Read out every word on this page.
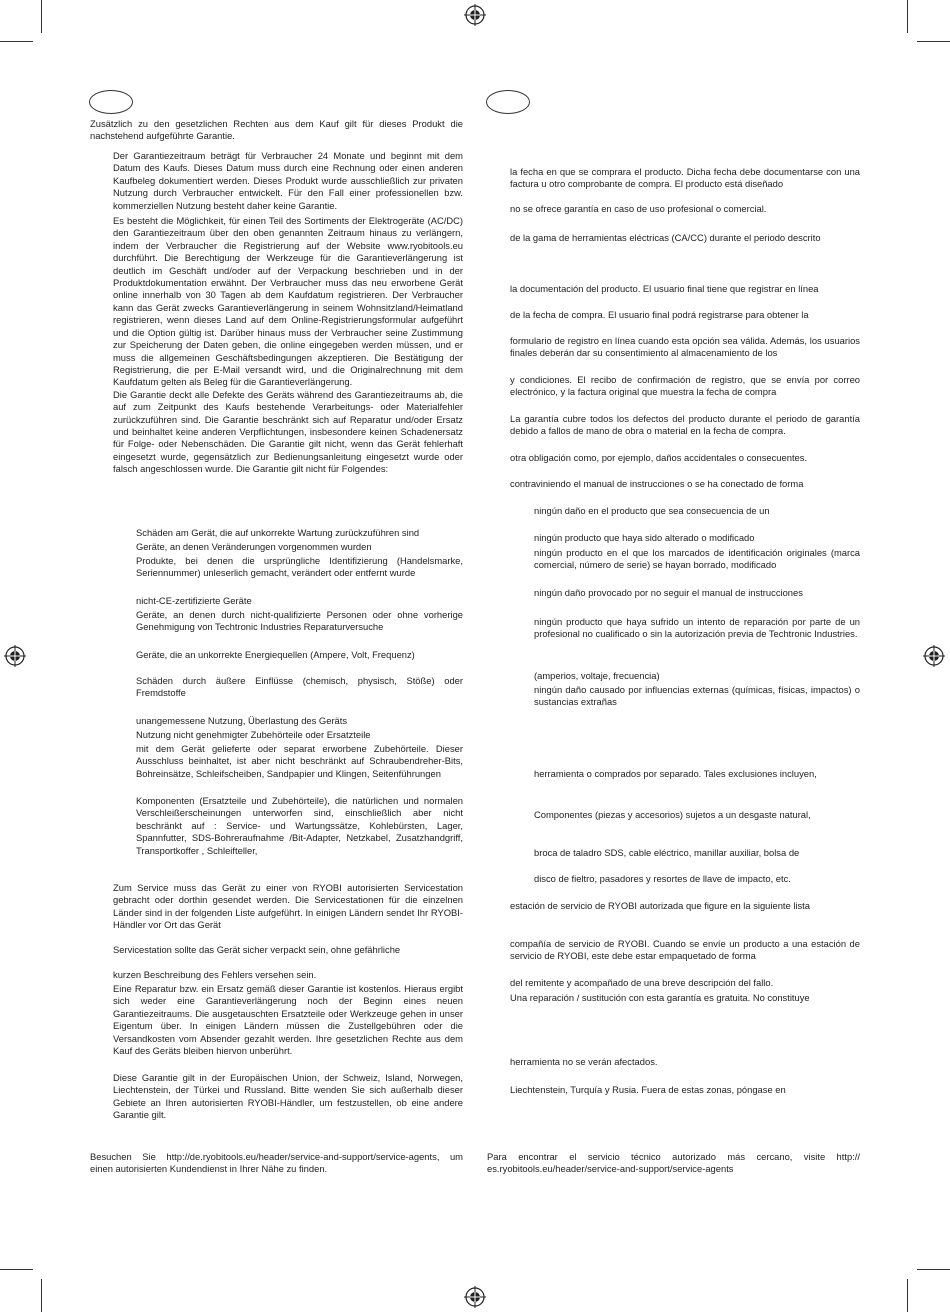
Zusätzlich zu den gesetzlichen Rechten aus dem Kauf gilt für dieses Produkt die nachstehend aufgeführte Garantie.

Der Garantiezeitraum beträgt für Verbraucher 24 Monate und beginnt mit dem Datum des Kaufs. Dieses Datum muss durch eine Rechnung oder einen anderen Kaufbeleg dokumentiert werden. Dieses Produkt wurde ausschließlich zur privaten Nutzung durch Verbraucher entwickelt. Für den Fall einer professionellen bzw. kommerziellen Nutzung besteht daher keine Garantie.

Es besteht die Möglichkeit, für einen Teil des Sortiments der Elektrogeräte (AC/DC) den Garantiezeitraum über den oben genannten Zeitraum hinaus zu verlängern, indem der Verbraucher die Registrierung auf der Website www.ryobitools.eu durchführt. Die Berechtigung der Werkzeuge für die Garantieverlängerung ist deutlich im Geschäft und/oder auf der Verpackung beschrieben und in der Produktdokumentation erwähnt. Der Verbraucher muss das neu erworbene Gerät online innerhalb von 30 Tagen ab dem Kaufdatum registrieren. Der Verbraucher kann das Gerät zwecks Garantieverlängerung in seinem Wohnsitzland/Heimatland registrieren, wenn dieses Land auf dem Online-Registrierungsformular aufgeführt und die Option gültig ist. Darüber hinaus muss der Verbraucher seine Zustimmung zur Speicherung der Daten geben, die online eingegeben werden müssen, und er muss die allgemeinen Geschäftsbedingungen akzeptieren. Die Bestätigung der Registrierung, die per E-Mail versandt wird, und die Originalrechnung mit dem Kaufdatum gelten als Beleg für die Garantieverlängerung.

Die Garantie deckt alle Defekte des Geräts während des Garantiezeitraums ab, die auf zum Zeitpunkt des Kaufs bestehende Verarbeitungs- oder Materialfehler zurückzuführen sind. Die Garantie beschränkt sich auf Reparatur und/oder Ersatz und beinhaltet keine anderen Verpflichtungen, insbesondere keinen Schadenersatz für Folge- oder Nebenschäden. Die Garantie gilt nicht, wenn das Gerät fehlerhaft eingesetzt wurde, gegensätzlich zur Bedienungsanleitung eingesetzt wurde oder falsch angeschlossen wurde. Die Garantie gilt nicht für Folgendes:

Schäden am Gerät, die auf unkorrekte Wartung zurückzuführen sind
Geräte, an denen Veränderungen vorgenommen wurden
Produkte, bei denen die ursprüngliche Identifizierung (Handelsmarke, Seriennummer) unleserlich gemacht, verändert oder entfernt wurde
nicht-CE-zertifizierte Geräte
Geräte, an denen durch nicht-qualifizierte Personen oder ohne vorherige Genehmigung von Techtronic Industries Reparaturversuche
Geräte, die an unkorrekte Energiequellen (Ampere, Volt, Frequenz)
Schäden durch äußere Einflüsse (chemisch, physisch, Stöße) oder Fremdstoffe
unangemessene Nutzung, Überlastung des Geräts
Nutzung nicht genehmigter Zubehörteile oder Ersatzteile
mit dem Gerät gelieferte oder separat erworbene Zubehörteile. Dieser Ausschluss beinhaltet, ist aber nicht beschränkt auf Schraubendreher-Bits, Bohreinsätze, Schleifscheiben, Sandpapier und Klingen, Seitenführungen
Komponenten (Ersatzteile und Zubehörteile), die natürlichen und normalen Verschleißerscheinungen unterworfen sind, einschließlich aber nicht beschränkt auf : Service- und Wartungssätze, Kohlebürsten, Lager, Spannfutter, SDS-Bohreraufnahme /Bit-Adapter, Netzkabel, Zusatzhandgriff, Transportkoffer , Schleifteller,
Zum Service muss das Gerät zu einer von RYOBI autorisierten Servicestation gebracht oder dorthin gesendet werden. Die Servicestationen für die einzelnen Länder sind in der folgenden Liste aufgeführt. In einigen Ländern sendet Ihr RYOBI-Händler vor Ort das Gerät
Servicestation sollte das Gerät sicher verpackt sein, ohne gefährliche
kurzen Beschreibung des Fehlers versehen sein.
Eine Reparatur bzw. ein Ersatz gemäß dieser Garantie ist kostenlos. Hieraus ergibt sich weder eine Garantieverlängerung noch der Beginn eines neuen Garantiezeitraums. Die ausgetauschten Ersatzteile oder Werkzeuge gehen in unser Eigentum über. In einigen Ländern müssen die Zustellgebühren oder die Versandkosten vom Absender gezahlt werden. Ihre gesetzlichen Rechte aus dem Kauf des Geräts bleiben hiervon unberührt.
Diese Garantie gilt in der Europäischen Union, der Schweiz, Island, Norwegen, Liechtenstein, der Türkei und Russland. Bitte wenden Sie sich außerhalb dieser Gebiete an Ihren autorisierten RYOBI-Händler, um festzustellen, ob eine andere Garantie gilt.
Besuchen Sie http://de.ryobitools.eu/header/service-and-support/service-agents, um einen autorisierten Kundendienst in Ihrer Nähe zu finden.
la fecha en que se comprara el producto. Dicha fecha debe documentarse con una factura u otro comprobante de compra. El producto está diseñado
no se ofrece garantía en caso de uso profesional o comercial.
de la gama de herramientas eléctricas (CA/CC) durante el periodo descrito
la documentación del producto. El usuario final tiene que registrar en línea
de la fecha de compra. El usuario final podrá registrarse para obtener la
formulario de registro en línea cuando esta opción sea válida. Además, los usuarios finales deberán dar su consentimiento al almacenamiento de los
y condiciones. El recibo de confirmación de registro, que se envía por correo electrónico, y la factura original que muestra la fecha de compra
La garantía cubre todos los defectos del producto durante el periodo de garantía debido a fallos de mano de obra o material en la fecha de compra.
otra obligación como, por ejemplo, daños accidentales o consecuentes.
contraviniendo el manual de instrucciones o se ha conectado de forma
ningún daño en el producto que sea consecuencia de un
ningún producto que haya sido alterado o modificado
ningún producto en el que los marcados de identificación originales (marca comercial, número de serie) se hayan borrado, modificado
ningún daño provocado por no seguir el manual de instrucciones
ningún producto que haya sufrido un intento de reparación por parte de un profesional no cualificado o sin la autorización previa de Techtronic Industries.
(amperios, voltaje, frecuencia)
ningún daño causado por influencias externas (químicas, físicas, impactos) o sustancias extrañas
herramienta o comprados por separado. Tales exclusiones incluyen,
Componentes (piezas y accesorios) sujetos a un desgaste natural,
broca de taladro SDS, cable eléctrico, manillar auxiliar, bolsa de
disco de fieltro, pasadores y resortes de llave de impacto, etc.
estación de servicio de RYOBI autorizada que figure en la siguiente lista
compañía de servicio de RYOBI. Cuando se envíe un producto a una estación de servicio de RYOBI, este debe estar empaquetado de forma
del remitente y acompañado de una breve descripción del fallo.
Una reparación / sustitución con esta garantía es gratuita. No constituye
herramienta no se verán afectados.
Liechtenstein, Turquía y Rusia. Fuera de estas zonas, póngase en
Para encontrar el servicio técnico autorizado más cercano, visite http:// es.ryobitools.eu/header/service-and-support/service-agents
